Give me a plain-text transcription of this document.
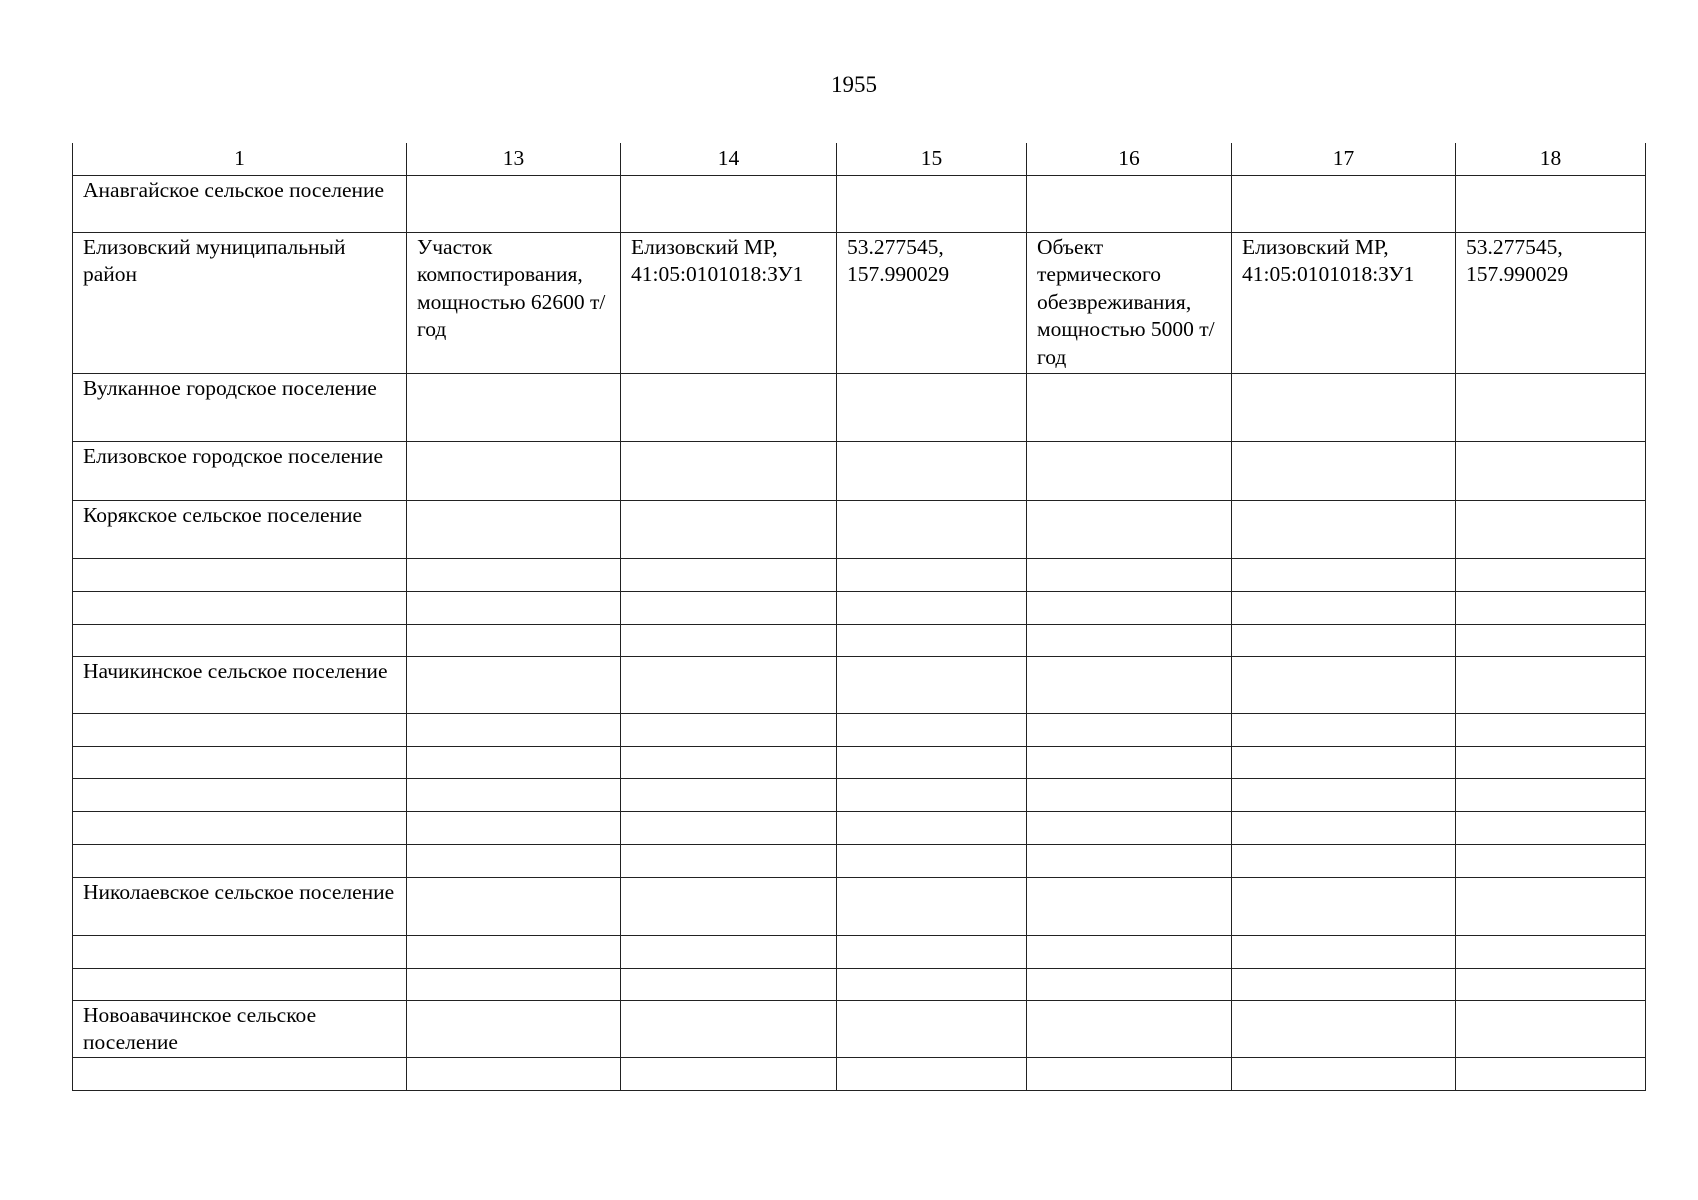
1955
1	13	14	15	16	17	18
Анавгайское сельское поселение						
Елизовский муниципальный район	Участок компостирования, мощностью 62600 т/год	Елизовский МР, 41:05:0101018:ЗУ1	53.277545, 157.990029	Объект термического обезвреживания, мощностью 5000 т/год	Елизовский МР, 41:05:0101018:ЗУ1	53.277545, 157.990029
Вулканное городское поселение						
Елизовское городское поселение						
Корякское сельское поселение						

Начикинское сельское поселение						

Николаевское сельское поселение						

Новоавачинское сельское поселение						
